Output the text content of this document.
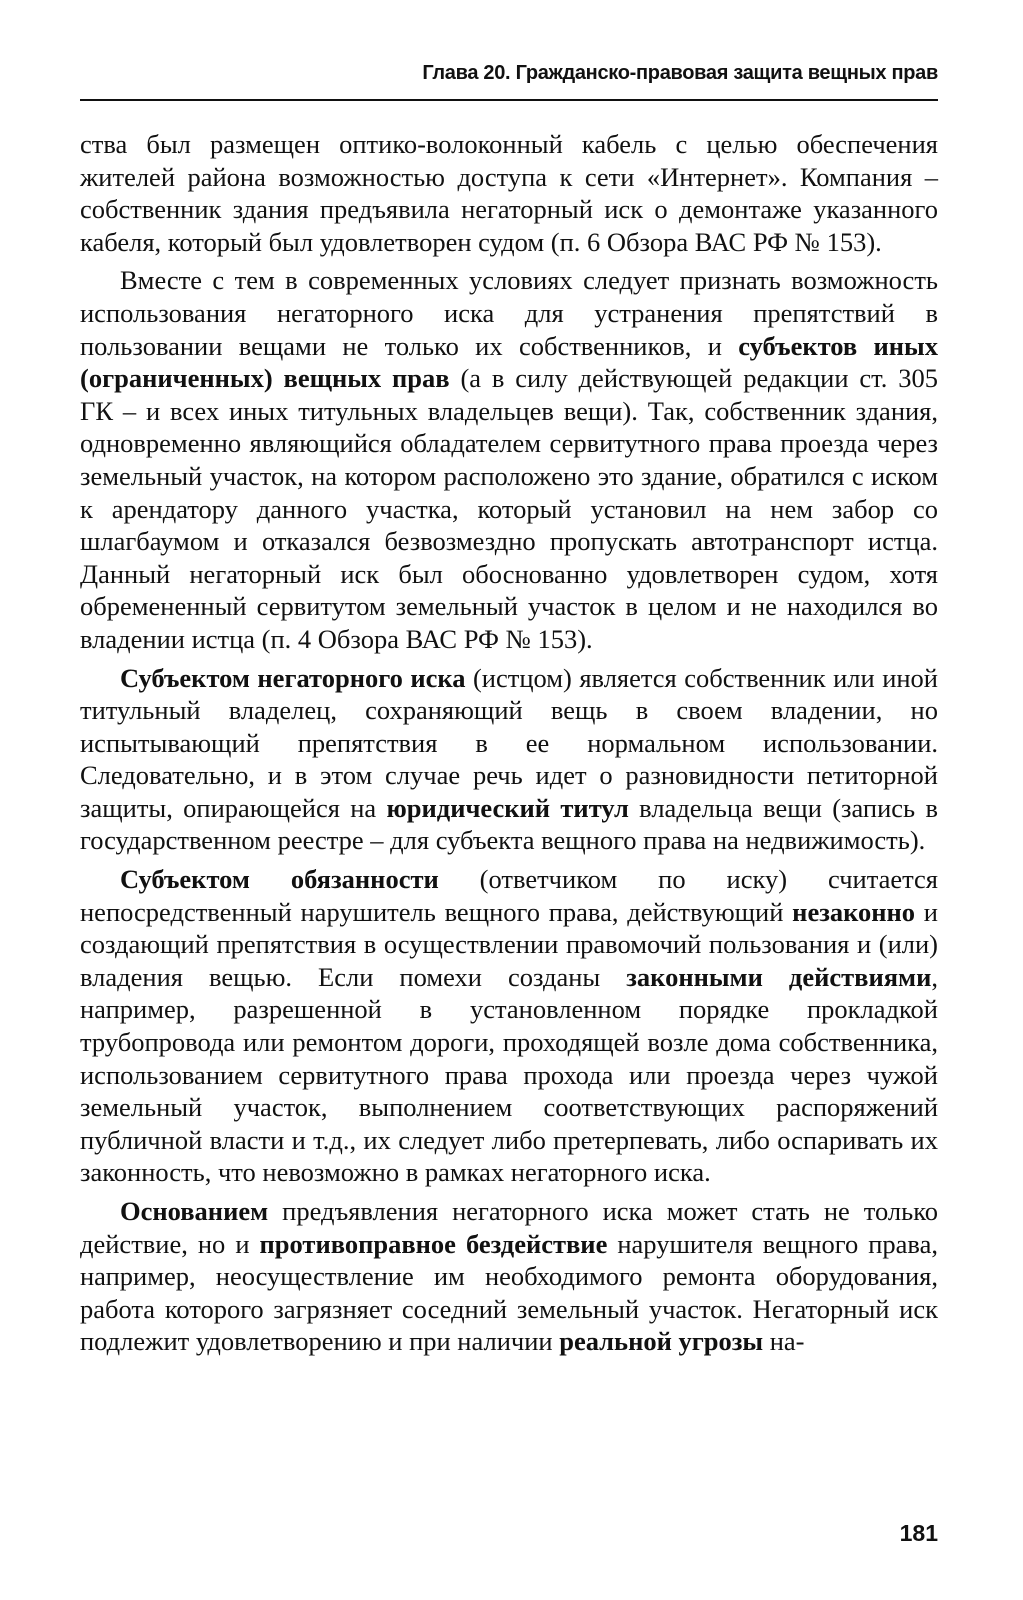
Глава 20. Гражданско-правовая защита вещных прав

ства был размещен оптико-волоконный кабель с целью обеспечения жителей района возможностью доступа к сети «Интернет». Компания – собственник здания предъявила негаторный иск о демонтаже указанного кабеля, который был удовлетворен судом (п. 6 Обзора ВАС РФ № 153).

Вместе с тем в современных условиях следует признать возможность использования негаторного иска для устранения препятствий в пользовании вещами не только их собственников, и субъектов иных (ограниченных) вещных прав (а в силу действующей редакции ст. 305 ГК – и всех иных титульных владельцев вещи). Так, собственник здания, одновременно являющийся обладателем сервитутного права проезда через земельный участок, на котором расположено это здание, обратился с иском к арендатору данного участка, который установил на нем забор со шлагбаумом и отказался безвозмездно пропускать автотранспорт истца. Данный негаторный иск был обоснованно удовлетворен судом, хотя обремененный сервитутом земельный участок в целом и не находился во владении истца (п. 4 Обзора ВАС РФ № 153).

Субъектом негаторного иска (истцом) является собственник или иной титульный владелец, сохраняющий вещь в своем владении, но испытывающий препятствия в ее нормальном использовании. Следовательно, и в этом случае речь идет о разновидности петиторной защиты, опирающейся на юридический титул владельца вещи (запись в государственном реестре – для субъекта вещного права на недвижимость).

Субъектом обязанности (ответчиком по иску) считается непосредственный нарушитель вещного права, действующий незаконно и создающий препятствия в осуществлении правомочий пользования и (или) владения вещью. Если помехи созданы законными действиями, например, разрешенной в установленном порядке прокладкой трубопровода или ремонтом дороги, проходящей возле дома собственника, использованием сервитутного права прохода или проезда через чужой земельный участок, выполнением соответствующих распоряжений публичной власти и т.д., их следует либо претерпевать, либо оспаривать их законность, что невозможно в рамках негаторного иска.

Основанием предъявления негаторного иска может стать не только действие, но и противоправное бездействие нарушителя вещного права, например, неосуществление им необходимого ремонта оборудования, работа которого загрязняет соседний земельный участок. Негаторный иск подлежит удовлетворению и при наличии реальной угрозы на-

181
